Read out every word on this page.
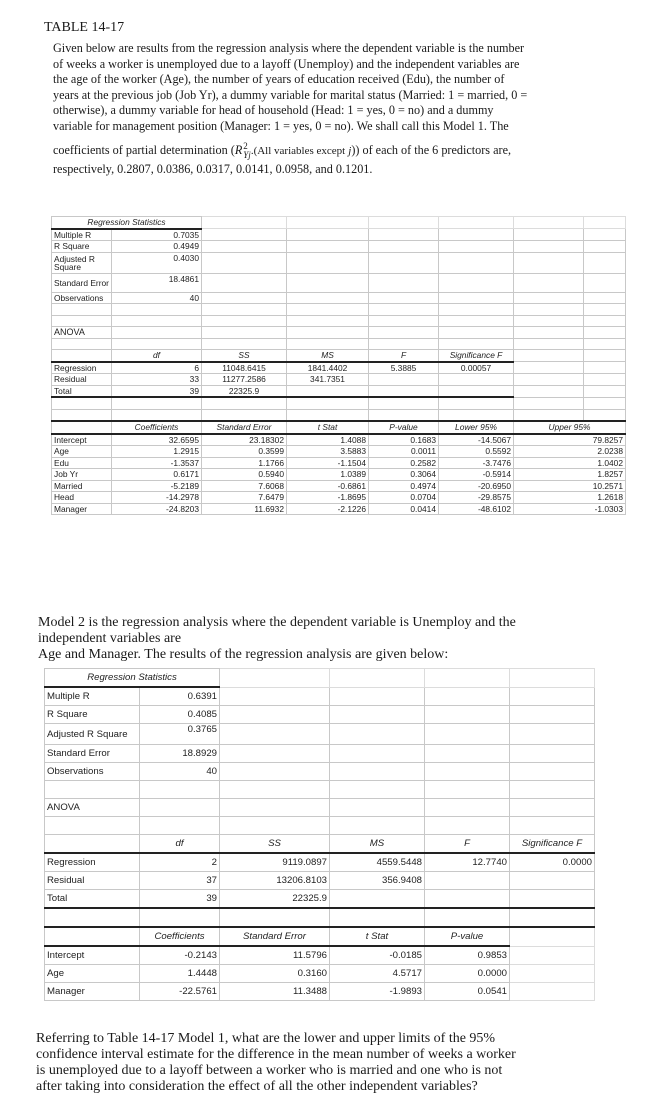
TABLE 14-17
Given below are results from the regression analysis where the dependent variable is the number
of weeks a worker is unemployed due to a layoff (Unemploy) and the independent variables are
the age of the worker (Age), the number of years of education received (Edu), the number of
years at the previous job (Job Yr), a dummy variable for marital status (Married: 1 = married, 0 =
otherwise), a dummy variable for head of household (Head: 1 = yes, 0 = no) and a dummy
variable for management position (Manager: 1 = yes, 0 = no). We shall call this Model 1. The
coefficients of partial determination (R 2
Yj .(All variables except j)) of each of the 6 predictors are,
respectively, 0.2807, 0.0386, 0.0317, 0.0141, 0.0958, and 0.1201.
Regression Statistics							
Multiple R	0.7035						
R Square	0.4949						
Adjusted R Square	0.4030						
Standard Error	18.4861						
Observations	40						

ANOVA							

	df	SS	MS	F	Significance F		
Regression	6	11048.6415	1841.4402	5.3885	0.00057		
Residual	33	11277.2586	341.7351				
Total	39	22325.9					

	Coefficients	Standard Error	t Stat	P-value	Lower 95%	Upper 95%	
Intercept	32.6595	23.18302	1.4088	0.1683	-14.5067	79.8257	
Age	1.2915	0.3599	3.5883	0.0011	0.5592	2.0238	
Edu	-1.3537	1.1766	-1.1504	0.2582	-3.7476	1.0402	
Job Yr	0.6171	0.5940	1.0389	0.3064	-0.5914	1.8257	
Married	-5.2189	7.6068	-0.6861	0.4974	-20.6950	10.2571	
Head	-14.2978	7.6479	-1.8695	0.0704	-29.8575	1.2618	
Manager	-24.8203	11.6932	-2.1226	0.0414	-48.6102	-1.0303	
Model 2 is the regression analysis where the dependent variable is Unemploy and the
independent variables are
Age and Manager. The results of the regression analysis are given below:
Regression Statistics					
Multiple R	0.6391				
R Square	0.4085				
Adjusted R Square	0.3765				
Standard Error	18.8929				
Observations	40				

ANOVA					

	df	SS	MS	F	Significance F
Regression	2	9119.0897	4559.5448	12.7740	0.0000
Residual	37	13206.8103	356.9408		
Total	39	22325.9			

	Coefficients	Standard Error	t Stat	P-value	
Intercept	-0.2143	11.5796	-0.0185	0.9853	
Age	1.4448	0.3160	4.5717	0.0000	
Manager	-22.5761	11.3488	-1.9893	0.0541	
Referring to Table 14-17 Model 1, what are the lower and upper limits of the 95%
confidence interval estimate for the difference in the mean number of weeks a worker
is unemployed due to a layoff between a worker who is married and one who is not
after taking into consideration the effect of all the other independent variables?
